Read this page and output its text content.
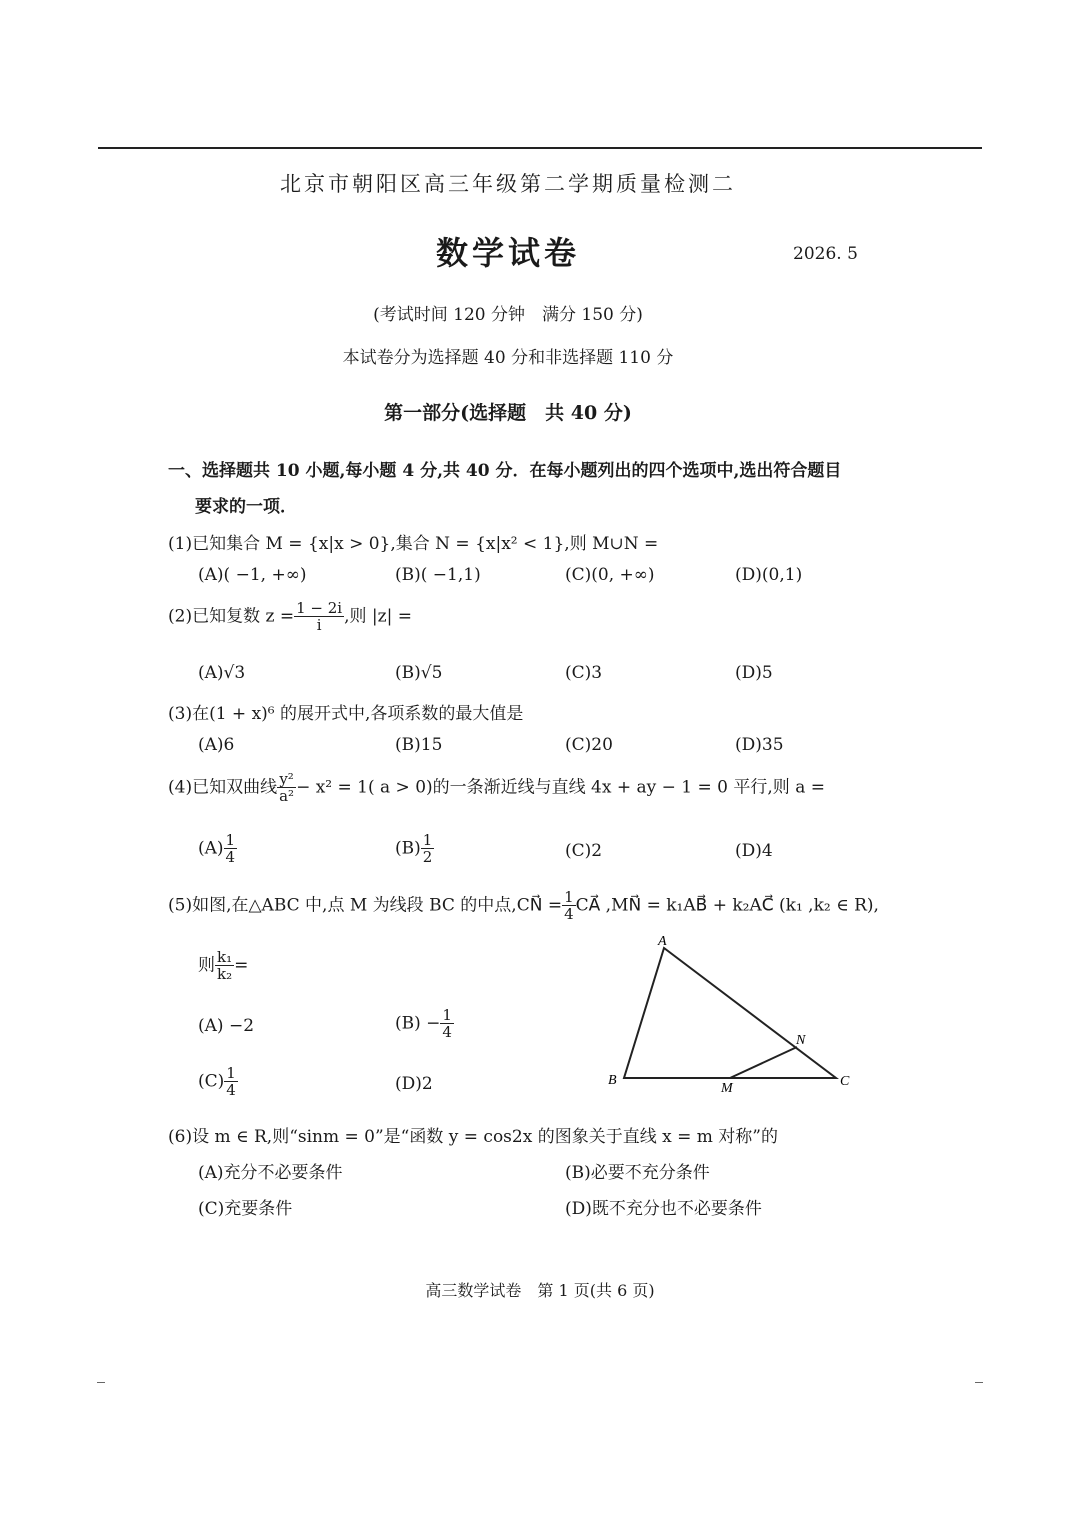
北京市朝阳区高三年级第二学期质量检测二
数学试卷	2026. 5
(考试时间 120 分钟　满分 150 分)
本试卷分为选择题 40 分和非选择题 110 分
第一部分(选择题　共 40 分)
一、选择题共 10 小题,每小题 4 分,共 40 分．在每小题列出的四个选项中,选出符合题目
要求的一项．
(1)已知集合 M = {x|x > 0},集合 N = {x|x² < 1},则 M∪N =
(A)( −1, +∞)	(B)( −1,1)	(C)(0, +∞)	(D)(0,1)
(2)已知复数 $z = \frac{1 - 2i}{i}$ ,则 |z| =
(A)√3	(B)√5	(C)3	(D)5
(3)在(1 + x)⁶ 的展开式中,各项系数的最大值是
(A)6	(B)15	(C)20	(D)35
(4)已知双曲线 $\frac{\text{y²}}{\text{a²}} - x^2 = 1$( a > 0)的一条渐近线与直线 4x + ay − 1 = 0 平行,则 a =
$(A) \frac{1}{4}$	$(B) \frac{1}{2}$	(C)2	(D)4
(5)如图,在△ABC 中,点 M 为线段 BC 的中点,CN⃗ = $\frac{1}{4}$ CA⃗ ,MN⃗ = k₁AB⃗ + k₂AC⃗ (k₁ ,k₂ ∈ R),
则 $\frac{\text{k₁}}{\text{k₂}}$ =
(A) −2	$(B) - \frac{1}{4}$
$(C) \frac{1}{4}$	(D)2
A
B	C
M
N
(6)设 m ∈ R,则“sinm = 0”是“函数 y = cos2x 的图象关于直线 x = m 对称”的
(A)充分不必要条件	(B)必要不充分条件
(C)充要条件	(D)既不充分也不必要条件
高三数学试卷　第 1 页(共 6 页)
